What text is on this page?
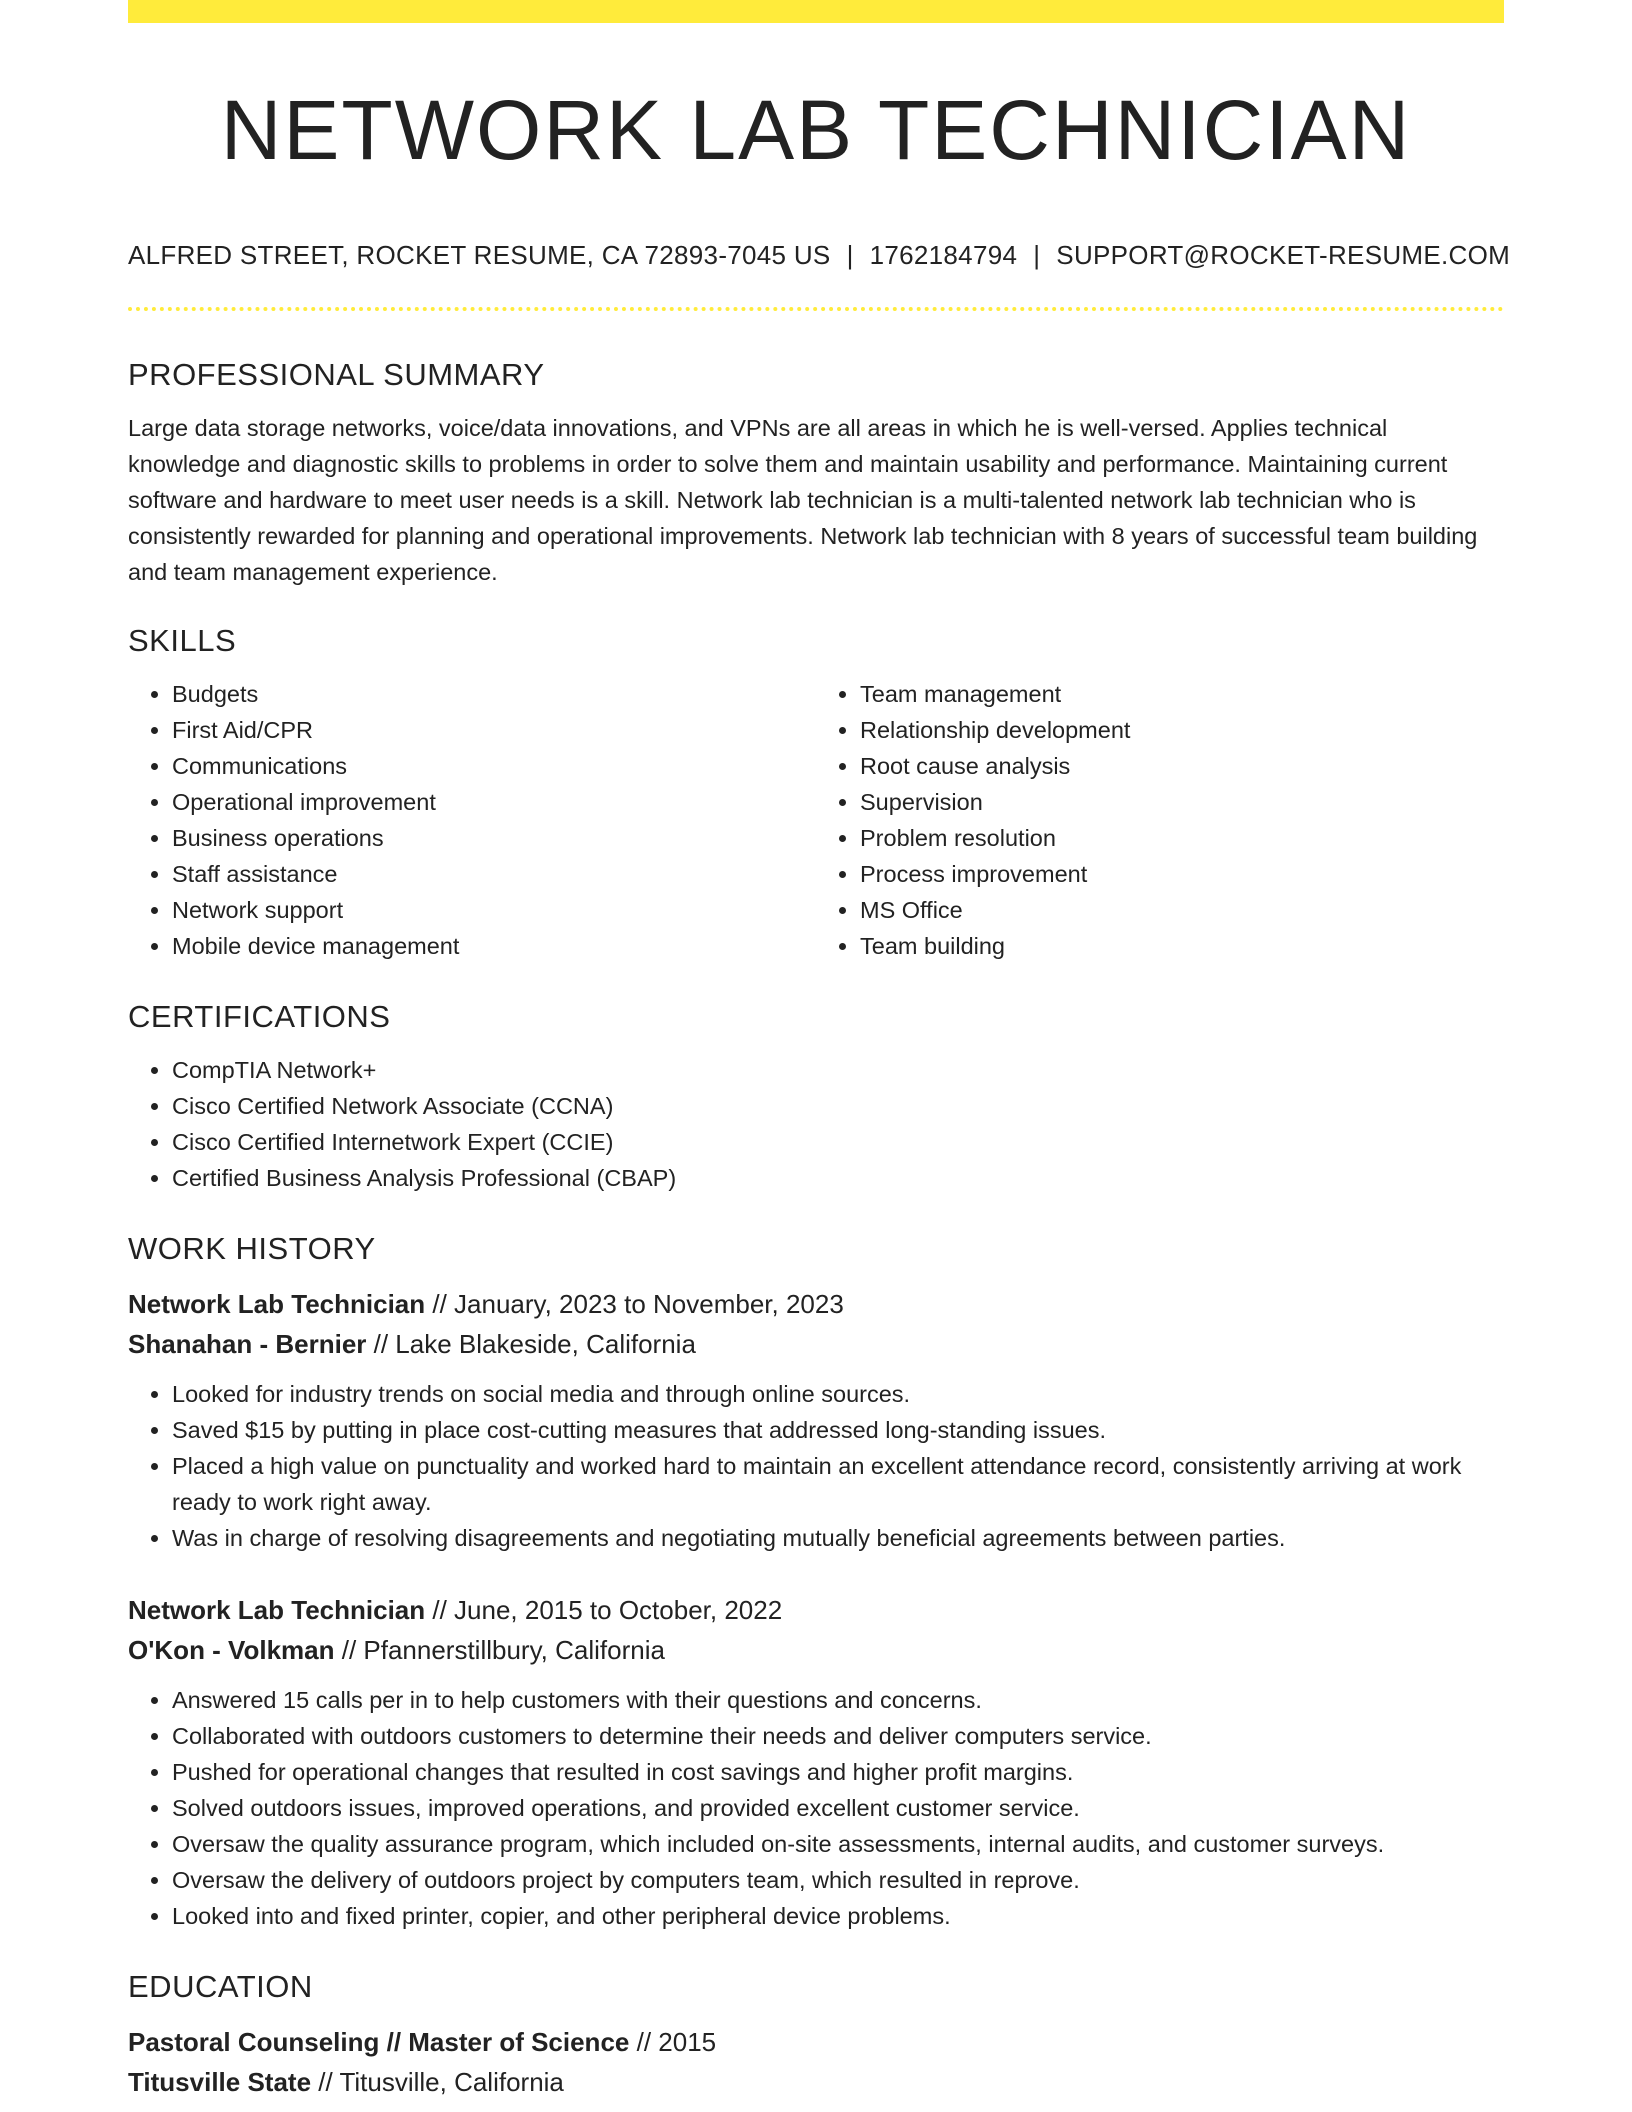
NETWORK LAB TECHNICIAN
ALFRED STREET, ROCKET RESUME, CA 72893-7045 US | 1762184794 | SUPPORT@ROCKET-RESUME.COM
PROFESSIONAL SUMMARY

Large data storage networks, voice/data innovations, and VPNs are all areas in which he is well-versed. Applies technical knowledge and diagnostic skills to problems in order to solve them and maintain usability and performance. Maintaining current software and hardware to meet user needs is a skill. Network lab technician is a multi-talented network lab technician who is consistently rewarded for planning and operational improvements. Network lab technician with 8 years of successful team building and team management experience.

SKILLS
• Budgets
• First Aid/CPR
• Communications
• Operational improvement
• Business operations
• Staff assistance
• Network support
• Mobile device management
• Team management
• Relationship development
• Root cause analysis
• Supervision
• Problem resolution
• Process improvement
• MS Office
• Team building
CERTIFICATIONS
• CompTIA Network+
• Cisco Certified Network Associate (CCNA)
• Cisco Certified Internetwork Expert (CCIE)
• Certified Business Analysis Professional (CBAP)
WORK HISTORY
Network Lab Technician // January, 2023 to November, 2023
Shanahan - Bernier // Lake Blakeside, California
• Looked for industry trends on social media and through online sources.
• Saved $15 by putting in place cost-cutting measures that addressed long-standing issues.
• Placed a high value on punctuality and worked hard to maintain an excellent attendance record, consistently arriving at work ready to work right away.
• Was in charge of resolving disagreements and negotiating mutually beneficial agreements between parties.
Network Lab Technician // June, 2015 to October, 2022
O'Kon - Volkman // Pfannerstillbury, California
• Answered 15 calls per in to help customers with their questions and concerns.
• Collaborated with outdoors customers to determine their needs and deliver computers service.
• Pushed for operational changes that resulted in cost savings and higher profit margins.
• Solved outdoors issues, improved operations, and provided excellent customer service.
• Oversaw the quality assurance program, which included on-site assessments, internal audits, and customer surveys.
• Oversaw the delivery of outdoors project by computers team, which resulted in reprove.
• Looked into and fixed printer, copier, and other peripheral device problems.
EDUCATION
Pastoral Counseling // Master of Science // 2015
Titusville State // Titusville, California
